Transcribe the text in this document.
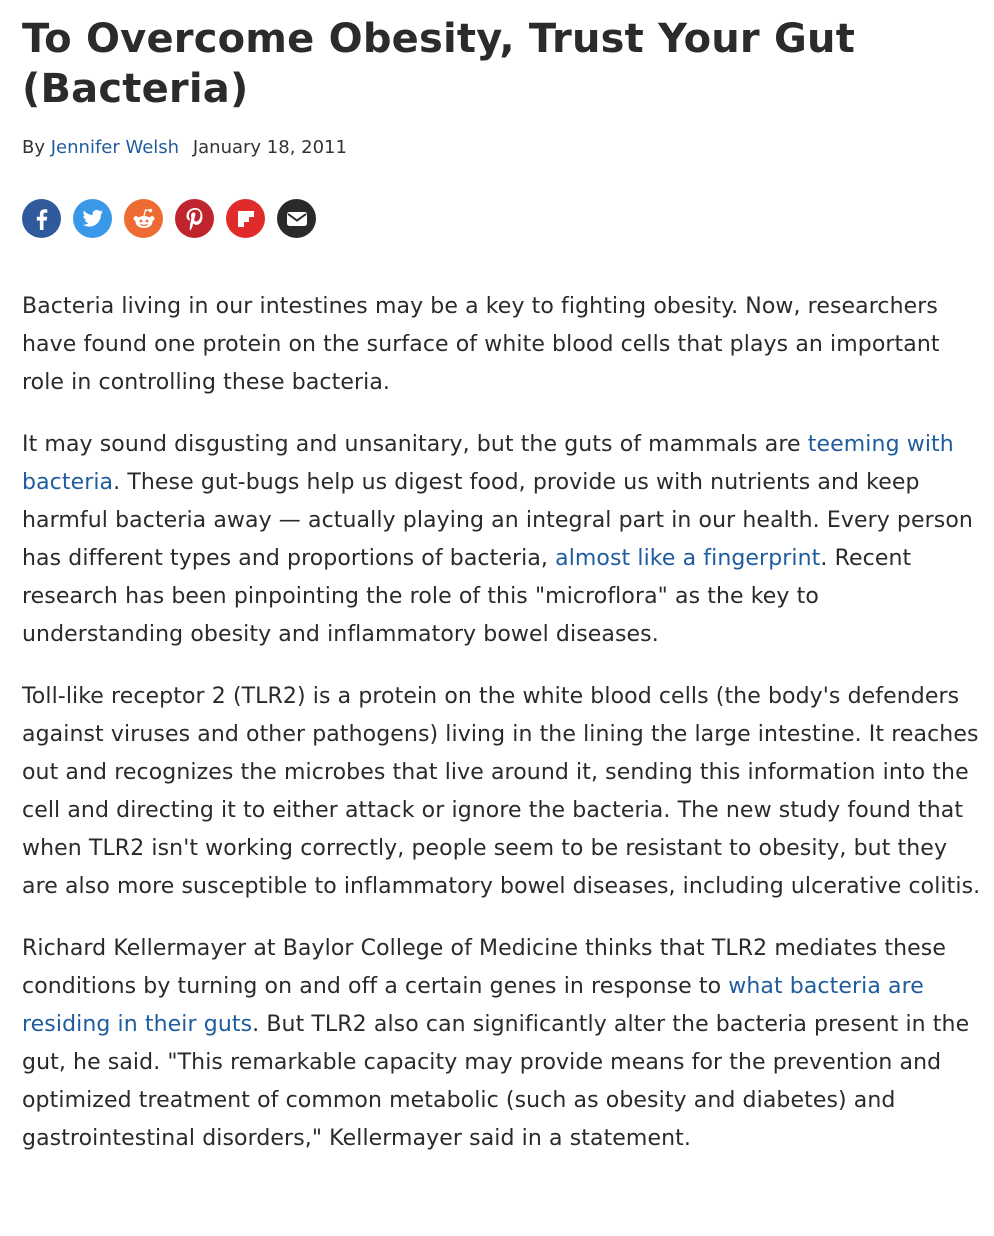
To Overcome Obesity, Trust Your Gut (Bacteria)
By Jennifer Welsh January 18, 2011

Bacteria living in our intestines may be a key to fighting obesity. Now, researchers have found one protein on the surface of white blood cells that plays an important role in controlling these bacteria.

It may sound disgusting and unsanitary, but the guts of mammals are teeming with bacteria. These gut-bugs help us digest food, provide us with nutrients and keep harmful bacteria away — actually playing an integral part in our health. Every person has different types and proportions of bacteria, almost like a fingerprint. Recent research has been pinpointing the role of this "microflora" as the key to understanding obesity and inflammatory bowel diseases.

Toll-like receptor 2 (TLR2) is a protein on the white blood cells (the body's defenders against viruses and other pathogens) living in the lining the large intestine. It reaches out and recognizes the microbes that live around it, sending this information into the cell and directing it to either attack or ignore the bacteria. The new study found that when TLR2 isn't working correctly, people seem to be resistant to obesity, but they are also more susceptible to inflammatory bowel diseases, including ulcerative colitis.

Richard Kellermayer at Baylor College of Medicine thinks that TLR2 mediates these conditions by turning on and off a certain genes in response to what bacteria are residing in their guts. But TLR2 also can significantly alter the bacteria present in the gut, he said. "This remarkable capacity may provide means for the prevention and optimized treatment of common metabolic (such as obesity and diabetes) and gastrointestinal disorders," Kellermayer said in a statement.
